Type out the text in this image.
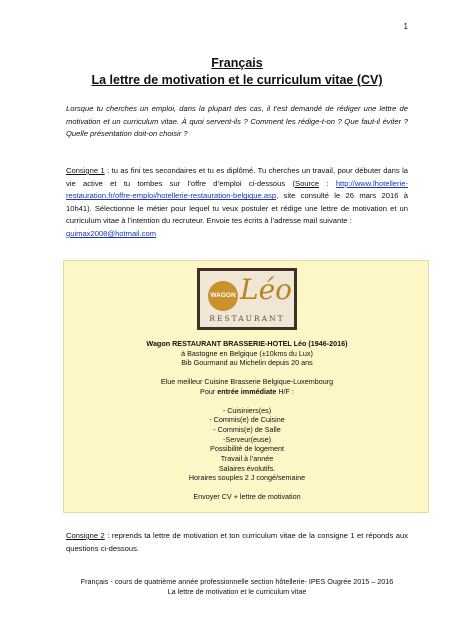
1
Français
La lettre de motivation et le curriculum vitae (CV)
Lorsque tu cherches un emploi, dans la plupart des cas, il t’est demandé de rédiger une lettre de motivation et un curriculum vitae. À quoi servent-ils ? Comment les rédige-t-on ? Que faut-il éviter ? Quelle présentation doit-on choisir ?
Consigne 1 : tu as fini tes secondaires et tu es diplômé. Tu cherches un travail, pour débuter dans la vie active et tu tombes sur l’offre d’emploi ci-dessous (Source : http://www.lhotellerie-restauration.fr/offre-emploi/hotellerie-restauration-belgique.asp, site consulté le 26 mars 2016 à 10h41). Sélectionne le métier pour lequel tu veux postuler et rédige une lettre de motivation et un curriculum vitae à l’intention du recruteur. Envoie tes écrits à l’adresse mail suivante :
guimax2008@hotmail.com
WAGON Léo
RESTAURANT

Wagon RESTAURANT BRASSERIE-HOTEL Léo (1946-2016)

à Bastogne en Belgique (±10kms du Lux)

Bib Gourmand au Michelin depuis 20 ans

Elue meilleur Cuisine Brasserie Belgique-Luxembourg

Pour entrée immédiate H/F :

- Cuisiniers(es)

- Commis(e) de Cuisine

- Commis(e) de Salle

-Serveur(euse)

Possibilité de logement

Travail à l’année

Salaires évolutifs.

Horaires souples 2 J congé/semaine

Envoyer CV + lettre de motivation

Consigne 2 : reprends ta lettre de motivation et ton curriculum vitae de la consigne 1 et réponds aux questions ci-dessous.
Français - cours de quatrième année professionnelle section hôtellerie- IPES Ougrée 2015 – 2016
La lettre de motivation et le curriculum vitae
